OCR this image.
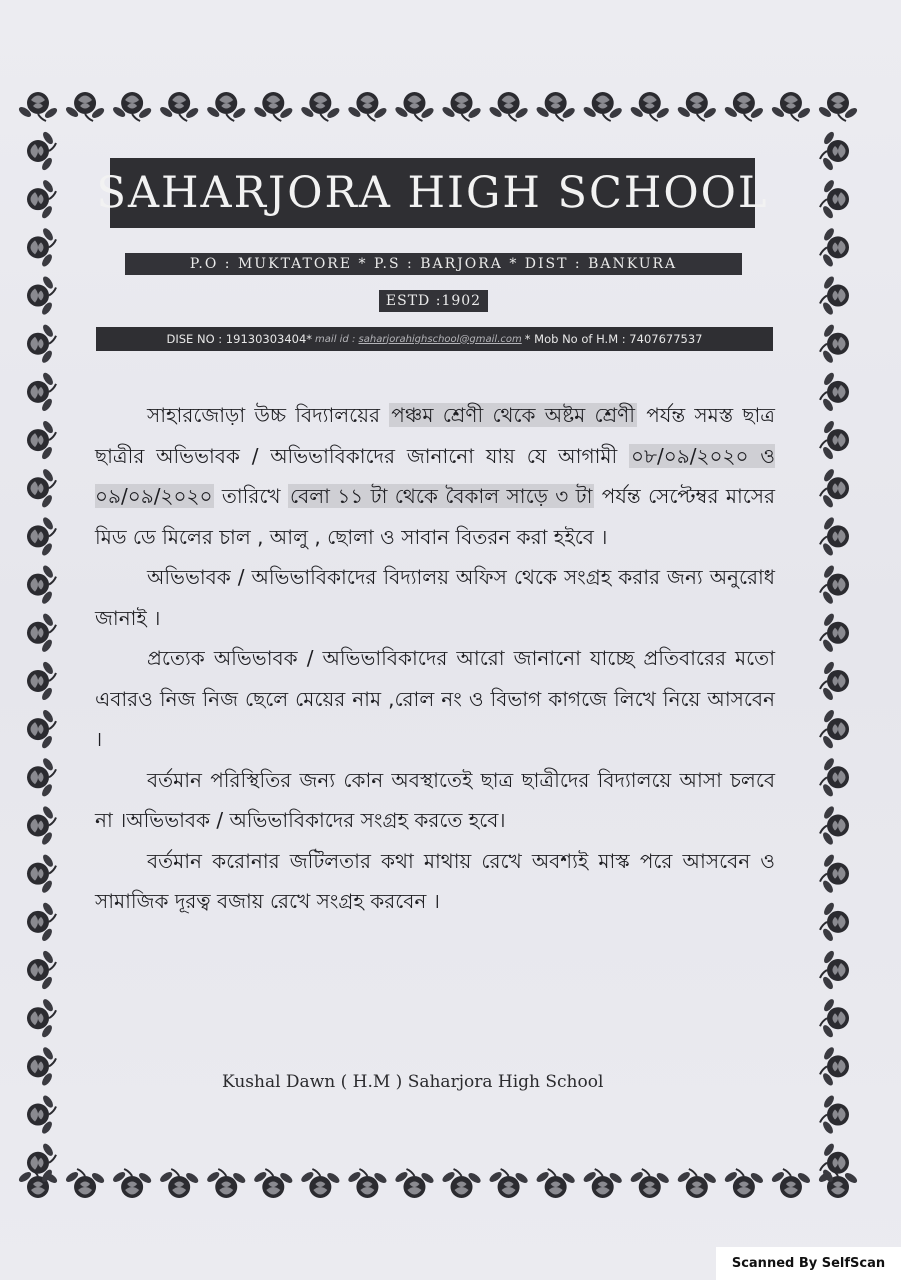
SAHARJORA HIGH SCHOOL
P.O : MUKTATORE * P.S : BARJORA * DIST : BANKURA
ESTD :1902
DISE NO : 19130303404* mail id : saharjorahighschool@gmail.com * Mob No of H.M : 7407677537

সাহারজোড়া উচ্চ বিদ্যালয়ের পঞ্চম শ্রেণী থেকে অষ্টম শ্রেণী পর্যন্ত সমস্ত ছাত্র ছাত্রীর অভিভাবক / অভিভাবিকাদের জানানো যায় যে আগামী ০৮/০৯/২০২০ ও ০৯/০৯/২০২০ তারিখে বেলা ১১ টা থেকে বৈকাল সাড়ে ৩ টা পর্যন্ত সেপ্টেম্বর মাসের মিড ডে মিলের চাল , আলু , ছোলা ও সাবান বিতরন করা হইবে ।

অভিভাবক / অভিভাবিকাদের বিদ্যালয় অফিস থেকে সংগ্রহ করার জন্য অনুরোধ জানাই ।

প্রত্যেক অভিভাবক / অভিভাবিকাদের আরো জানানো যাচ্ছে প্রতিবারের মতো এবারও নিজ নিজ ছেলে মেয়ের নাম ,রোল নং ও বিভাগ কাগজে লিখে নিয়ে আসবেন ।

বর্তমান পরিস্থিতির জন্য কোন অবস্থাতেই ছাত্র ছাত্রীদের বিদ্যালয়ে আসা চলবে না ।অভিভাবক / অভিভাবিকাদের সংগ্রহ করতে হবে।

বর্তমান করোনার জটিলতার কথা মাথায় রেখে অবশ্যই মাস্ক পরে আসবেন ও সামাজিক দূরত্ব বজায় রেখে সংগ্রহ করবেন ।

Kushal Dawn ( H.M ) Saharjora High School
Scanned By SelfScan
